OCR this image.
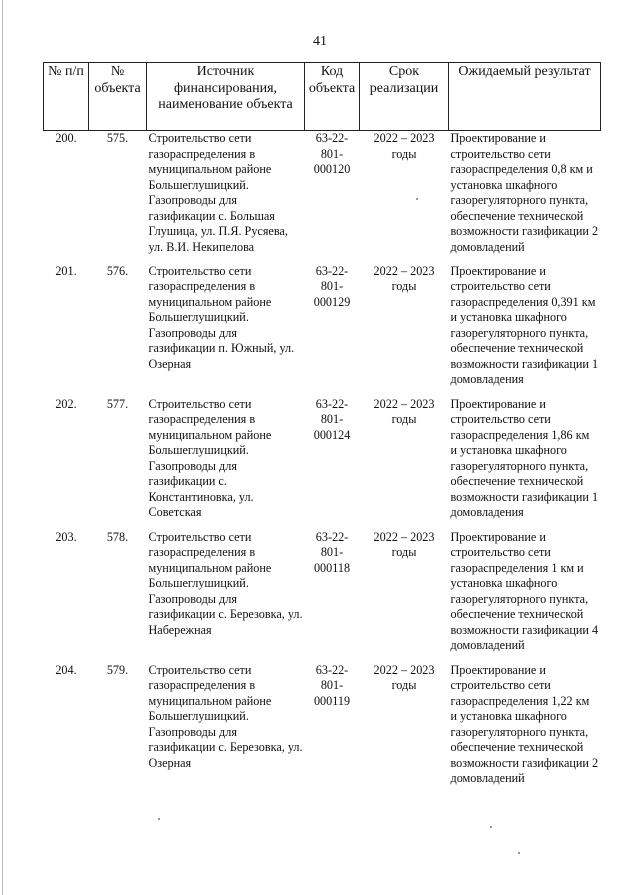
41
№ п/п	№ объекта	Источник финансирования, наименование объекта	Код объекта	Срок реализации	Ожидаемый результат
200.	575.	Строительство сети газораспределения в муниципальном районе Большеглушицкий. Газопроводы для газификации с. Большая Глушица, ул. П.Я. Русяева, ул. В.И. Некипелова	63-22-801-000120	2022 – 2023 годы	Проектирование и строительство сети газораспределения 0,8 км и установка шкафного газорегуляторного пункта, обеспечение технической возможности газификации 2 домовладений
201.	576.	Строительство сети газораспределения в муниципальном районе Большеглушицкий. Газопроводы для газификации п. Южный, ул. Озерная	63-22-801-000129	2022 – 2023 годы	Проектирование и строительство сети газораспределения 0,391 км и установка шкафного газорегуляторного пункта, обеспечение технической возможности газификации 1 домовладения
202.	577.	Строительство сети газораспределения в муниципальном районе Большеглушицкий. Газопроводы для газификации с. Константиновка, ул. Советская	63-22-801-000124	2022 – 2023 годы	Проектирование и строительство сети газораспределения 1,86 км и установка шкафного газорегуляторного пункта, обеспечение технической возможности газификации 1 домовладения
203.	578.	Строительство сети газораспределения в муниципальном районе Большеглушицкий. Газопроводы для газификации с. Березовка, ул. Набережная	63-22-801-000118	2022 – 2023 годы	Проектирование и строительство сети газораспределения 1 км и установка шкафного газорегуляторного пункта, обеспечение технической возможности газификации 4 домовладений
204.	579.	Строительство сети газораспределения в муниципальном районе Большеглушицкий. Газопроводы для газификации с. Березовка, ул. Озерная	63-22-801-000119	2022 – 2023 годы	Проектирование и строительство сети газораспределения 1,22 км и установка шкафного газорегуляторного пункта, обеспечение технической возможности газификации 2 домовладений
